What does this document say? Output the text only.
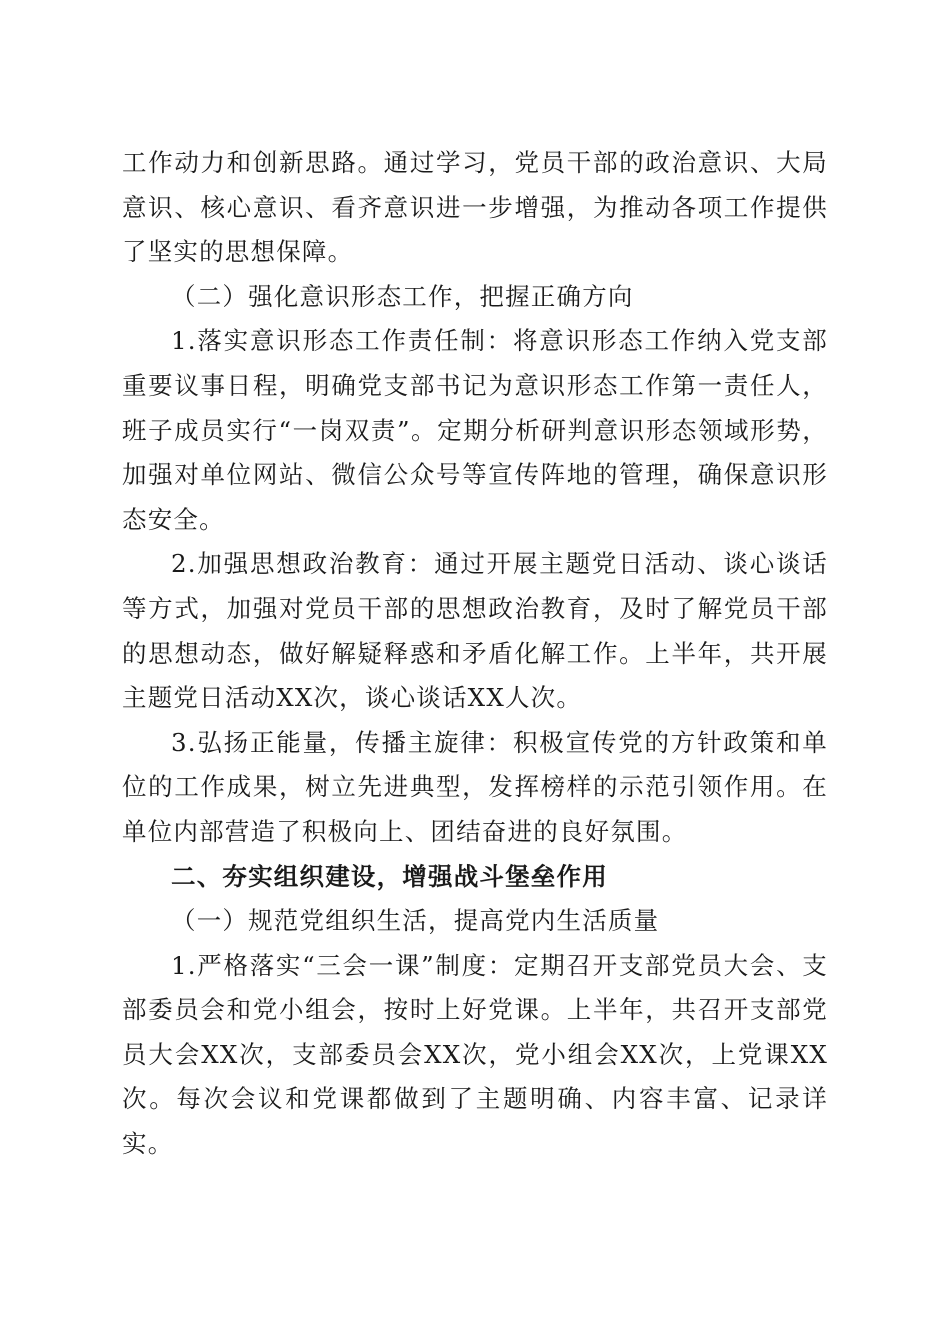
工作动力和创新思路。通过学习，党员干部的政治意识、大局意识、核心意识、看齐意识进一步增强，为推动各项工作提供了坚实的思想保障。

（二）强化意识形态工作，把握正确方向

1.落实意识形态工作责任制：将意识形态工作纳入党支部重要议事日程，明确党支部书记为意识形态工作第一责任人，班子成员实行“一岗双责”。定期分析研判意识形态领域形势，加强对单位网站、微信公众号等宣传阵地的管理，确保意识形态安全。

2.加强思想政治教育：通过开展主题党日活动、谈心谈话等方式，加强对党员干部的思想政治教育，及时了解党员干部的思想动态，做好解疑释惑和矛盾化解工作。上半年，共开展主题党日活动XX次，谈心谈话XX人次。

3.弘扬正能量，传播主旋律：积极宣传党的方针政策和单位的工作成果，树立先进典型，发挥榜样的示范引领作用。在单位内部营造了积极向上、团结奋进的良好氛围。

二、夯实组织建设，增强战斗堡垒作用

（一）规范党组织生活，提高党内生活质量

1.严格落实“三会一课”制度：定期召开支部党员大会、支部委员会和党小组会，按时上好党课。上半年，共召开支部党员大会XX次，支部委员会XX次，党小组会XX次，上党课XX次。每次会议和党课都做到了主题明确、内容丰富、记录详实。
